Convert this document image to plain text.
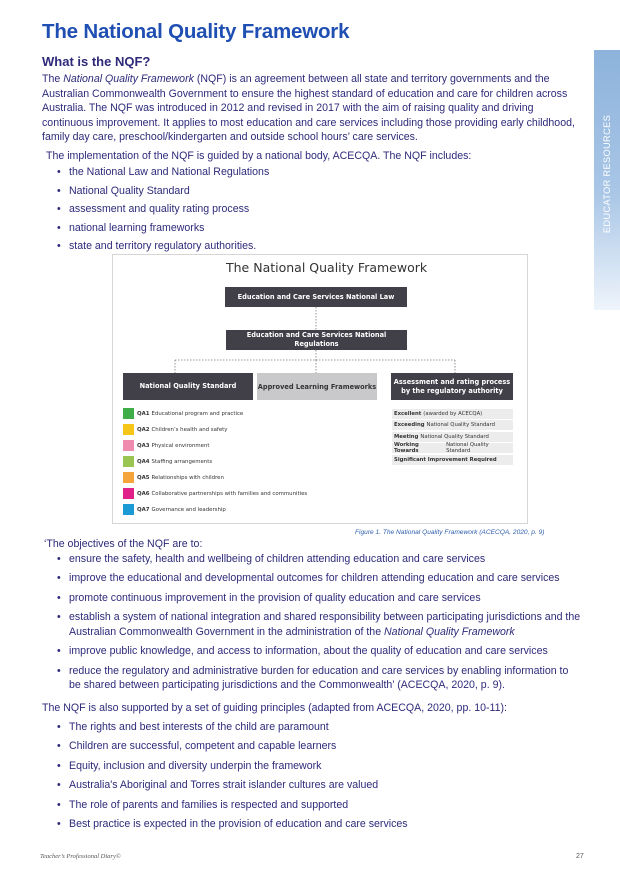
The National Quality Framework
What is the NQF?
EDUCATOR RESOURCES
The National Quality Framework (NQF) is an agreement between all state and territory governments and the Australian Commonwealth Government to ensure the highest standard of education and care for children across Australia. The NQF was introduced in 2012 and revised in 2017 with the aim of raising quality and driving continuous improvement. It applies to most education and care services including those providing early childhood, family day care, preschool/kindergarten and outside school hours’ care services.
The implementation of the NQF is guided by a national body, ACECQA. The NQF includes:
• the National Law and National Regulations
• National Quality Standard
• assessment and quality rating process
• national learning frameworks
• state and territory regulatory authorities.
The National Quality Framework
Education and Care Services National Law
Education and Care Services National Regulations
National Quality Standard	Approved Learning Frameworks
Assessment and rating process
by the regulatory authority
QA1 Educational program and practice
QA2 Children’s health and safety
QA3 Physical environment
QA4 Staffing arrangements
QA5 Relationships with children
QA6 Collaborative partnerships with families and communities
QA7 Governance and leadership
Excellent (awarded by ACECQA)
Exceeding National Quality Standard
Meeting National Quality Standard
Working Towards
National Quality Standard
Significant Improvement Required
Figure 1. The National Quality Framework (ACECQA, 2020, p. 9)
‘The objectives of the NQF are to:
• ensure the safety, health and wellbeing of children attending education and care services
• improve the educational and developmental outcomes for children attending education and care services
• promote continuous improvement in the provision of quality education and care services
• establish a system of national integration and shared responsibility between participating jurisdictions and the Australian Commonwealth Government in the administration of the National Quality Framework
• improve public knowledge, and access to information, about the quality of education and care services
• reduce the regulatory and administrative burden for education and care services by enabling information to be shared between participating jurisdictions and the Commonwealth’ (ACECQA, 2020, p. 9).
The NQF is also supported by a set of guiding principles (adapted from ACECQA, 2020, pp. 10-11):
• The rights and best interests of the child are paramount
• Children are successful, competent and capable learners
• Equity, inclusion and diversity underpin the framework
• Australia's Aboriginal and Torres strait islander cultures are valued
• The role of parents and families is respected and supported
• Best practice is expected in the provision of education and care services
Teacher’s Professional Diary©	27
